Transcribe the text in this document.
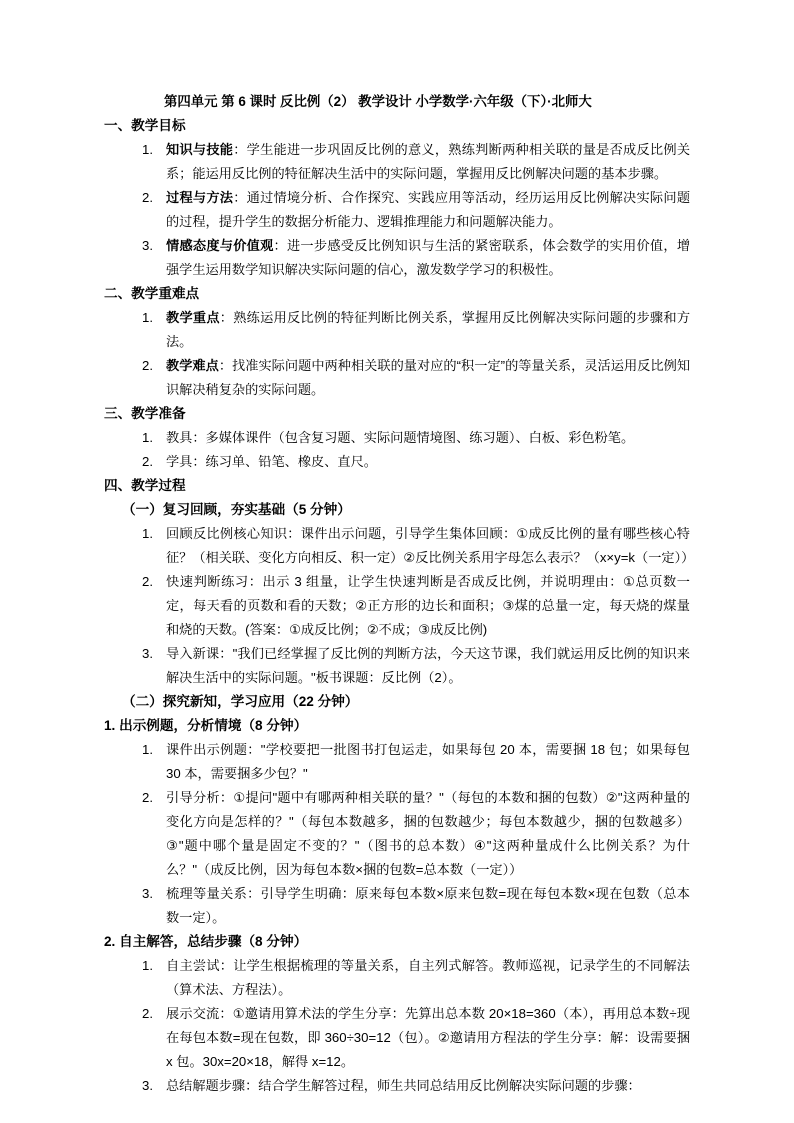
第四单元 第 6 课时 反比例（2） 教学设计 小学数学·六年级（下）·北师大
一、教学目标
知识与技能：学生能进一步巩固反比例的意义，熟练判断两种相关联的量是否成反比例关系；能运用反比例的特征解决生活中的实际问题，掌握用反比例解决问题的基本步骤。
过程与方法：通过情境分析、合作探究、实践应用等活动，经历运用反比例解决实际问题的过程，提升学生的数据分析能力、逻辑推理能力和问题解决能力。
情感态度与价值观：进一步感受反比例知识与生活的紧密联系，体会数学的实用价值，增强学生运用数学知识解决实际问题的信心，激发数学学习的积极性。
二、教学重难点
教学重点：熟练运用反比例的特征判断比例关系，掌握用反比例解决实际问题的步骤和方法。
教学难点：找准实际问题中两种相关联的量对应的“积一定”的等量关系，灵活运用反比例知识解决稍复杂的实际问题。
三、教学准备
教具：多媒体课件（包含复习题、实际问题情境图、练习题）、白板、彩色粉笔。
学具：练习单、铅笔、橡皮、直尺。
四、教学过程
（一）复习回顾，夯实基础（5 分钟）
回顾反比例核心知识：课件出示问题，引导学生集体回顾：①成反比例的量有哪些核心特征？（相关联、变化方向相反、积一定）②反比例关系用字母怎么表示？（x×y=k（一定））
快速判断练习：出示 3 组量，让学生快速判断是否成反比例，并说明理由：①总页数一定，每天看的页数和看的天数；②正方形的边长和面积；③煤的总量一定，每天烧的煤量和烧的天数。(答案：①成反比例；②不成；③成反比例)
导入新课："我们已经掌握了反比例的判断方法，今天这节课，我们就运用反比例的知识来解决生活中的实际问题。"板书课题：反比例（2）。
（二）探究新知，学习应用（22 分钟）
1. 出示例题，分析情境（8 分钟）
课件出示例题："学校要把一批图书打包运走，如果每包 20 本，需要捆 18 包；如果每包 30 本，需要捆多少包？"
引导分析：①提问"题中有哪两种相关联的量？"（每包的本数和捆的包数）②"这两种量的变化方向是怎样的？"（每包本数越多，捆的包数越少；每包本数越少，捆的包数越多）③"题中哪个量是固定不变的？"（图书的总本数）④"这两种量成什么比例关系？为什么？"（成反比例，因为每包本数×捆的包数=总本数（一定））
梳理等量关系：引导学生明确：原来每包本数×原来包数=现在每包本数×现在包数（总本数一定）。
2. 自主解答，总结步骤（8 分钟）
自主尝试：让学生根据梳理的等量关系，自主列式解答。教师巡视，记录学生的不同解法（算术法、方程法）。
展示交流：①邀请用算术法的学生分享：先算出总本数 20×18=360（本），再用总本数÷现在每包本数=现在包数，即 360÷30=12（包）。②邀请用方程法的学生分享：解：设需要捆 x 包。30x=20×18，解得 x=12。
总结解题步骤：结合学生解答过程，师生共同总结用反比例解决实际问题的步骤：
